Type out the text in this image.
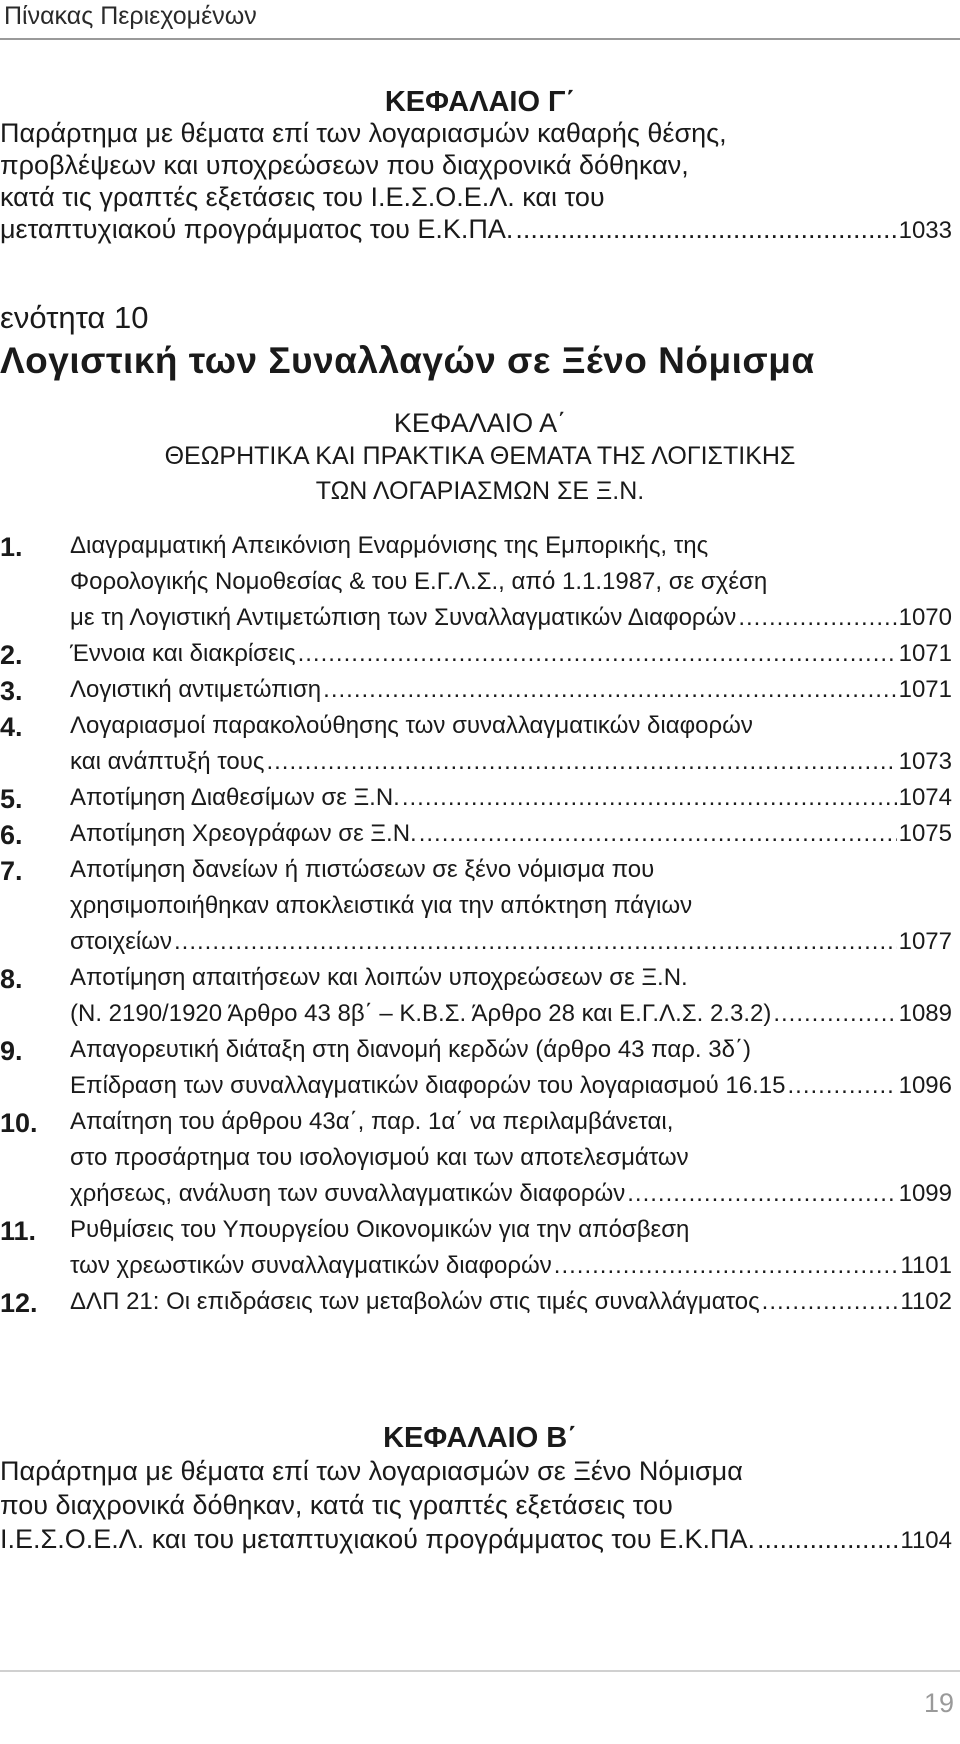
Πίνακας Περιεχομένων
ΚΕΦΑΛΑΙΟ Γ΄
Παράρτημα με θέματα επί των λογαριασμών καθαρής θέσης,
προβλέψεων και υποχρεώσεων που διαχρονικά δόθηκαν,
κατά τις γραπτές εξετάσεις του Ι.Ε.Σ.Ο.Ε.Λ. και του
μεταπτυχιακού προγράμματος του Ε.Κ.ΠΑ. .....	1033
ενότητα 10
Λογιστική των Συναλλαγών σε Ξένο Νόμισμα
ΚΕΦΑΛΑΙΟ Α΄
ΘΕΩΡΗΤΙΚΑ ΚΑΙ ΠΡΑΚΤΙΚΑ ΘΕΜΑΤΑ ΤΗΣ ΛΟΓΙΣΤΙΚΗΣ
ΤΩΝ ΛΟΓΑΡΙΑΣΜΩΝ ΣΕ Ξ.Ν.
1. Διαγραμματική Απεικόνιση Εναρμόνισης της Εμπορικής, της
Φορολογικής Νομοθεσίας & του Ε.Γ.Λ.Σ., από 1.1.1987, σε σχέση
με τη Λογιστική Αντιμετώπιση των Συναλλαγματικών Διαφορών .....	1070
2. Έννοια και διακρίσεις .....	1071
3. Λογιστική αντιμετώπιση .....	1071
4. Λογαριασμοί παρακολούθησης των συναλλαγματικών διαφορών
και ανάπτυξή τους .....	1073
5. Αποτίμηση Διαθεσίμων σε Ξ.Ν. .....	1074
6. Αποτίμηση Χρεογράφων σε Ξ.Ν. .....	1075
7. Αποτίμηση δανείων ή πιστώσεων σε ξένο νόμισμα που
χρησιμοποιήθηκαν αποκλειστικά για την απόκτηση πάγιων
στοιχείων .....	1077
8. Αποτίμηση απαιτήσεων και λοιπών υποχρεώσεων σε Ξ.Ν.
(Ν. 2190/1920 Άρθρο 43 8β΄ – Κ.Β.Σ. Άρθρο 28 και Ε.Γ.Λ.Σ. 2.3.2) .....	1089
9. Απαγορευτική διάταξη στη διανομή κερδών (άρθρο 43 παρ. 3δ΄)
Επίδραση των συναλλαγματικών διαφορών του λογαριασμού 16.15 .....	1096
10. Απαίτηση του άρθρου 43α΄, παρ. 1α΄ να περιλαμβάνεται,
στο προσάρτημα του ισολογισμού και των αποτελεσμάτων
χρήσεως, ανάλυση των συναλλαγματικών διαφορών .....	1099
11. Ρυθμίσεις του Υπουργείου Οικονομικών για την απόσβεση
των χρεωστικών συναλλαγματικών διαφορών .....	1101
12. ΔΛΠ 21: Οι επιδράσεις των μεταβολών στις τιμές συναλλάγματος .....	1102
ΚΕΦΑΛΑΙΟ Β΄
Παράρτημα με θέματα επί των λογαριασμών σε Ξένο Νόμισμα
που διαχρονικά δόθηκαν, κατά τις γραπτές εξετάσεις του
Ι.Ε.Σ.Ο.Ε.Λ. και του μεταπτυχιακού προγράμματος του Ε.Κ.ΠΑ. .....	1104
19
